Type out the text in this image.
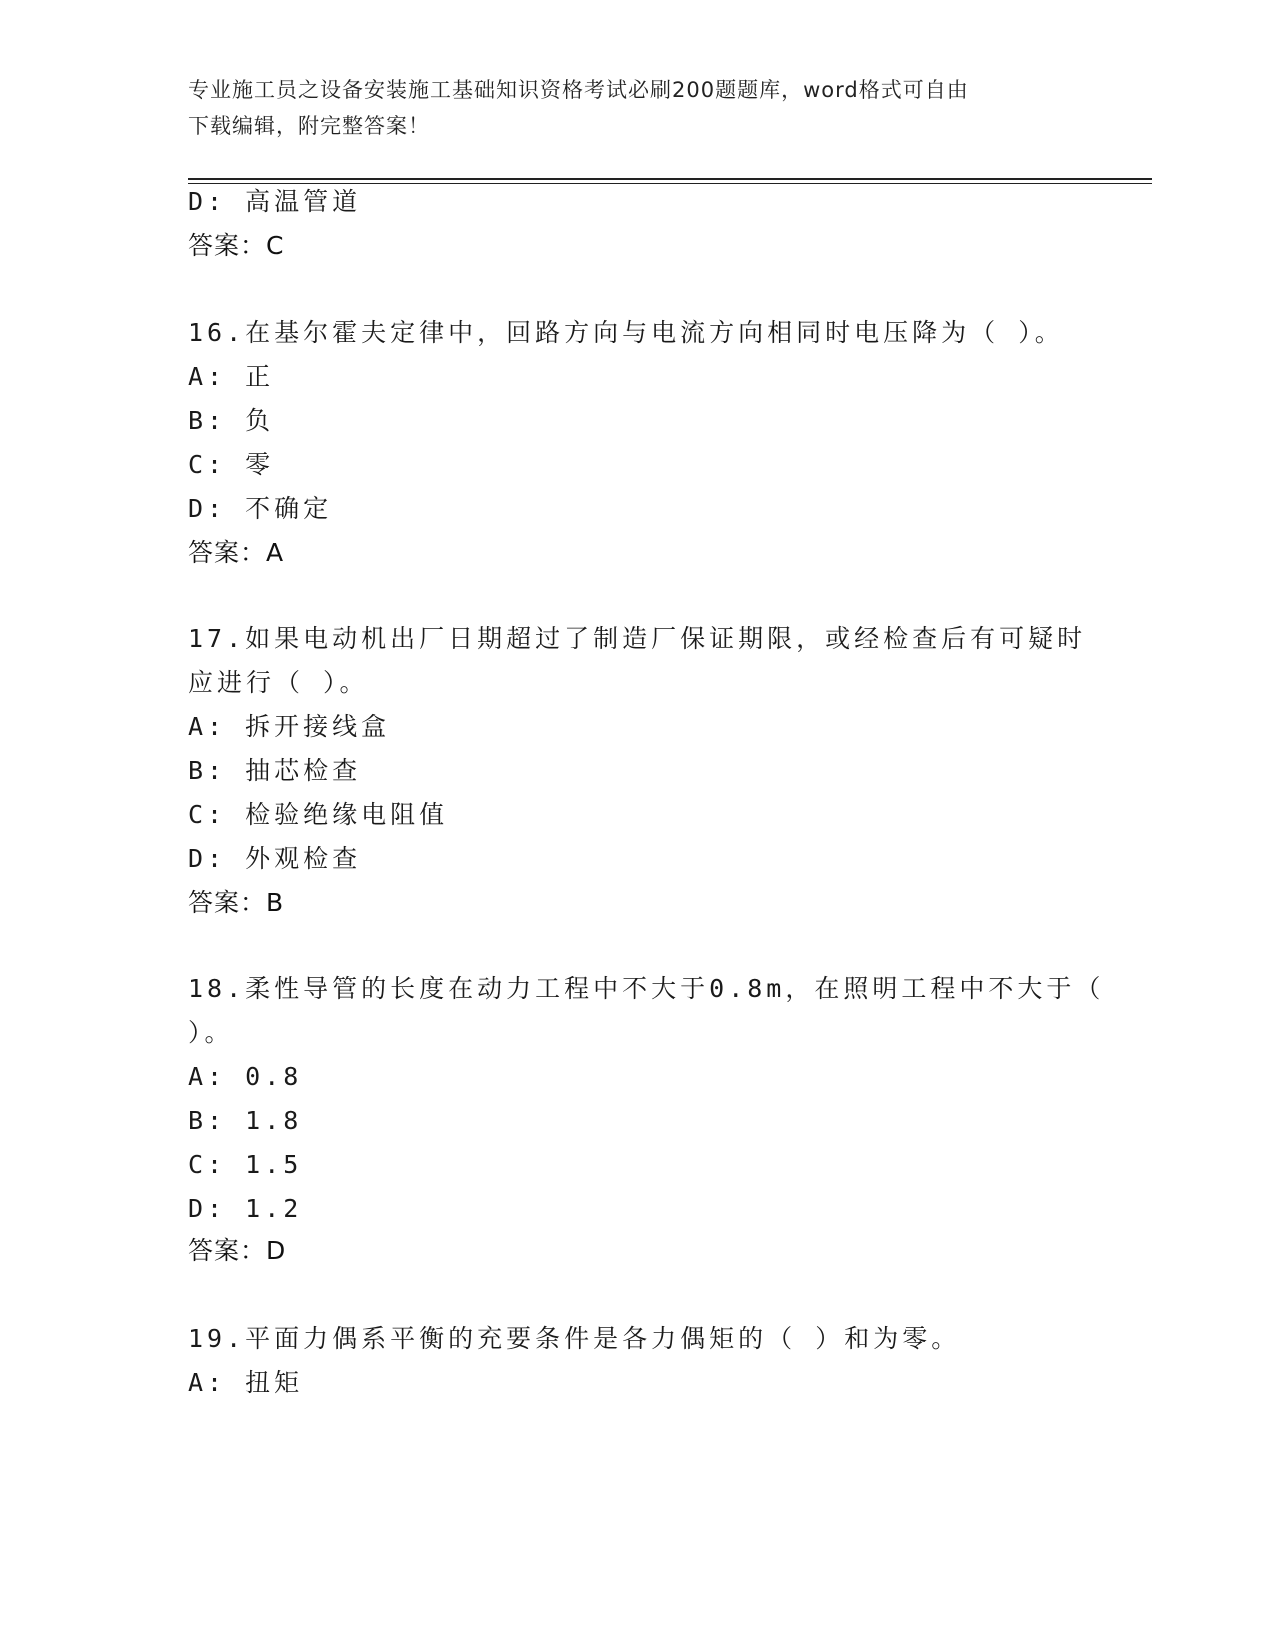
专业施工员之设备安装施工基础知识资格考试必刷200题题库，word格式可自由
下载编辑，附完整答案！
D: 高温管道
答案：C
16.在基尔霍夫定律中，回路方向与电流方向相同时电压降为（ ）。
A: 正
B: 负
C: 零
D: 不确定
答案：A
17.如果电动机出厂日期超过了制造厂保证期限，或经检查后有可疑时
应进行（ ）。
A: 拆开接线盒
B: 抽芯检查
C: 检验绝缘电阻值
D: 外观检查
答案：B
18.柔性导管的长度在动力工程中不大于0.8m，在照明工程中不大于（
）。
A: 0.8
B: 1.8
C: 1.5
D: 1.2
答案：D
19.平面力偶系平衡的充要条件是各力偶矩的（ ）和为零。
A: 扭矩
